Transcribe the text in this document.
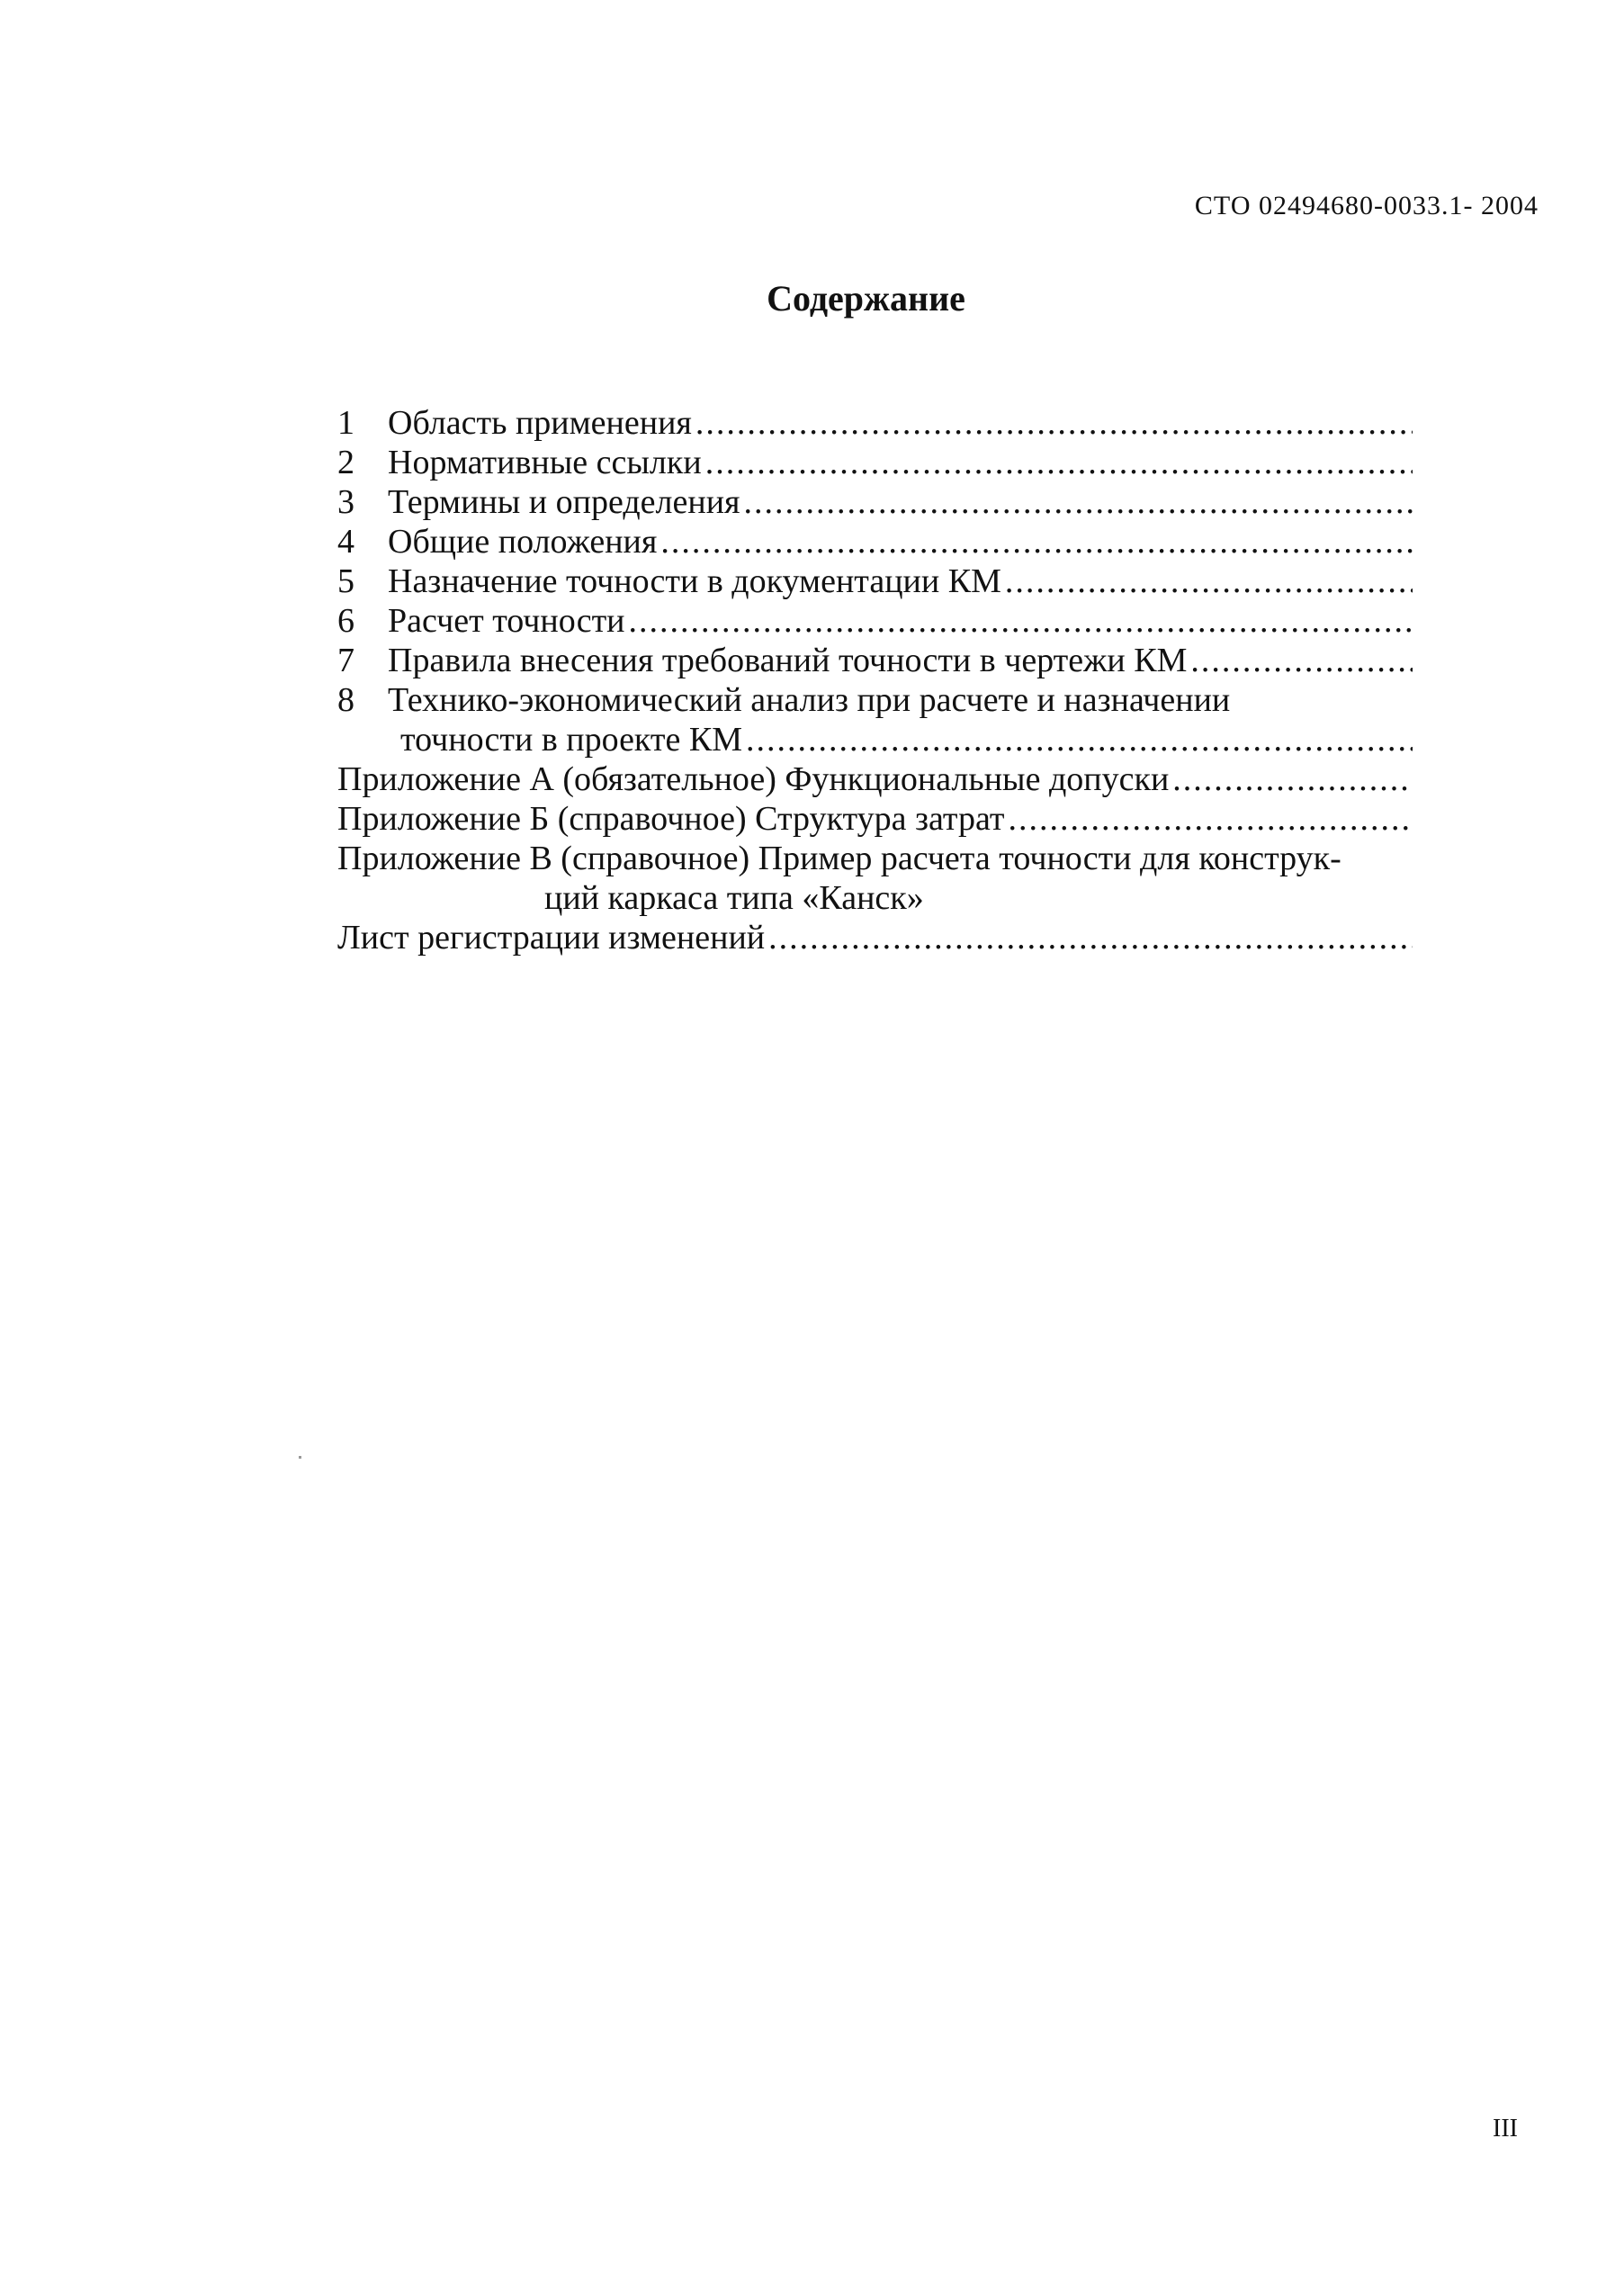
СТО 02494680-0033.1- 2004
Содержание
1 Область применения
.....
2 Нормативные ссылки
.....
3 Термины и определения
.....
4 Общие положения
.....
5 Назначение точности в документации КМ
.....
6 Расчет точности
.....
7 Правила внесения требований точности в чертежи КМ
.....
8 Технико-экономический анализ при расчете и назначении
точности в проекте КМ
.....
Приложение А (обязательное) Функциональные допуски
.....
Приложение Б (справочное) Структура затрат
.....
Приложение В (справочное) Пример расчета точности для конструк-
ций каркаса типа «Канск»
Лист регистрации изменений
.....
III
